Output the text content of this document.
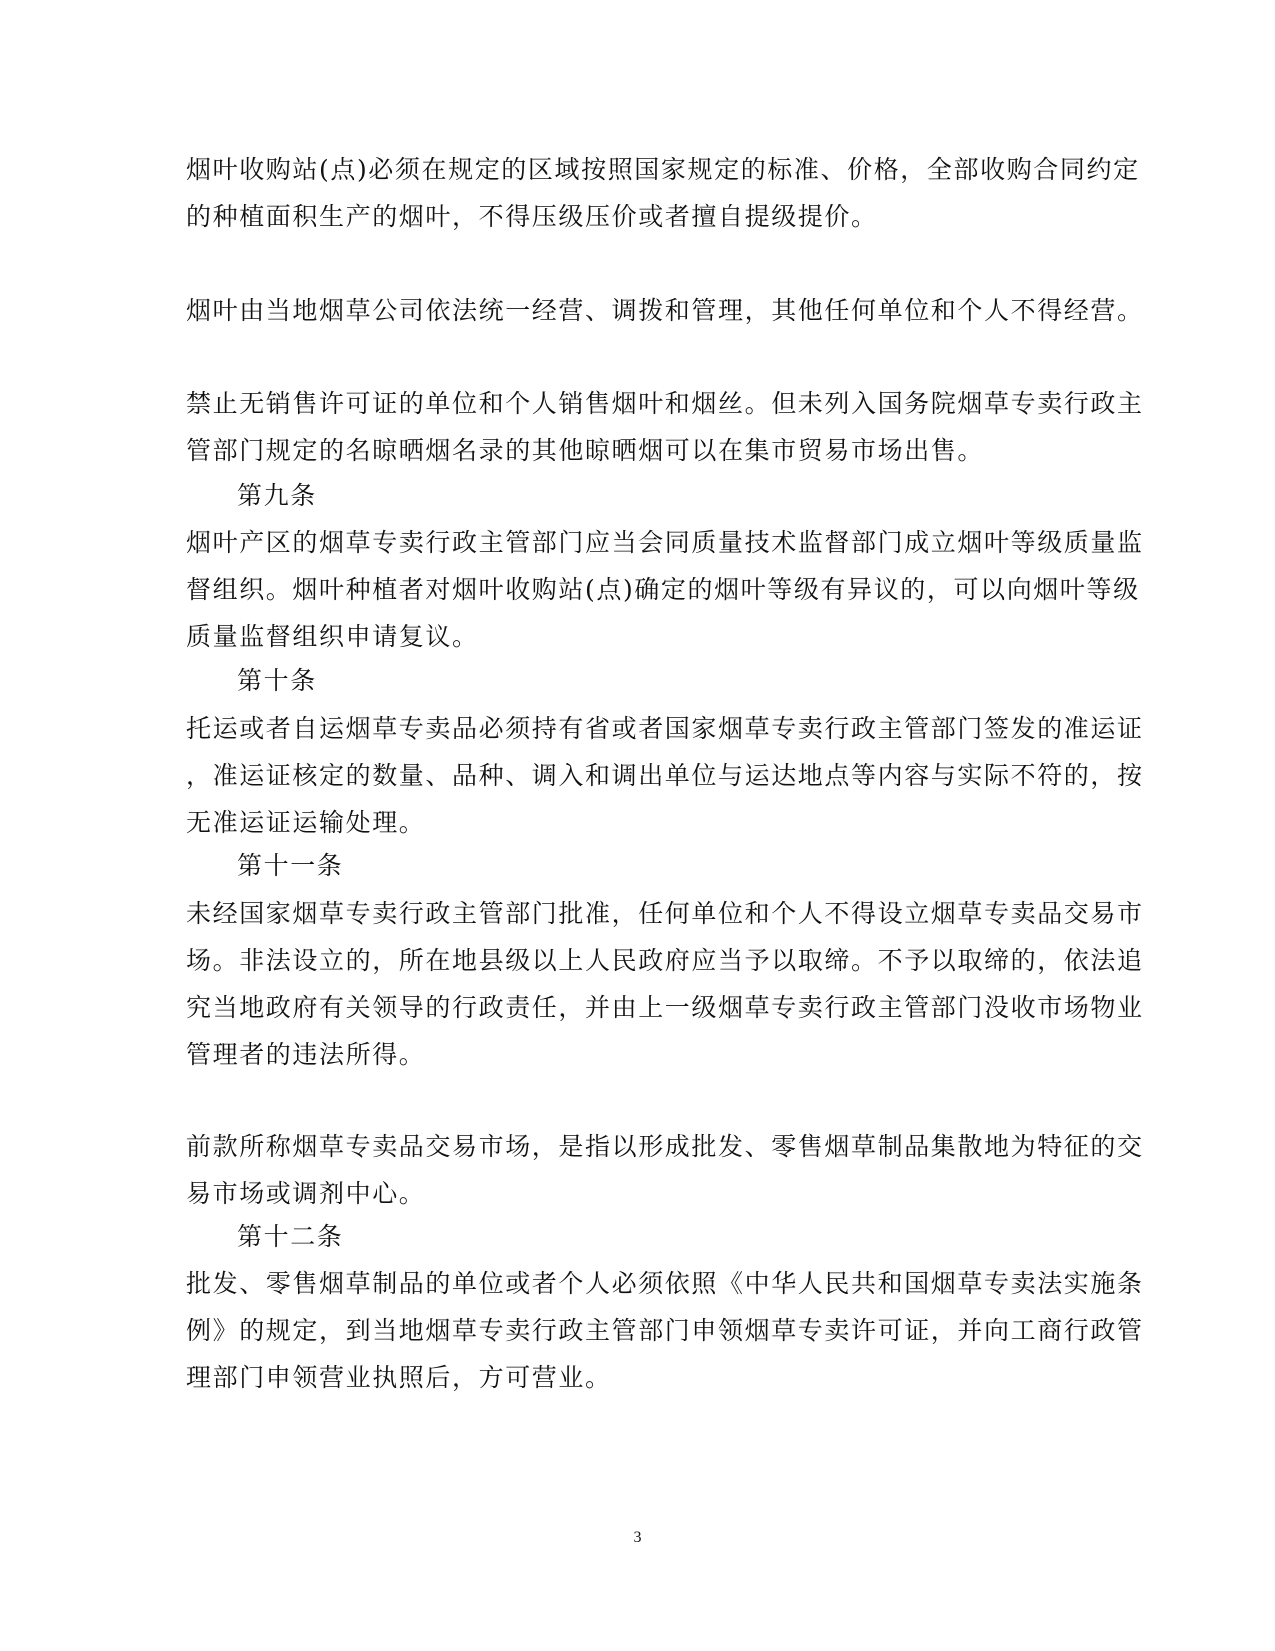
烟叶收购站(点)必须在规定的区域按照国家规定的标准、价格，全部收购合同约定
的种植面积生产的烟叶，不得压级压价或者擅自提级提价。
烟叶由当地烟草公司依法统一经营、调拨和管理，其他任何单位和个人不得经营。
禁止无销售许可证的单位和个人销售烟叶和烟丝。但未列入国务院烟草专卖行政主
管部门规定的名晾晒烟名录的其他晾晒烟可以在集市贸易市场出售。
第九条
烟叶产区的烟草专卖行政主管部门应当会同质量技术监督部门成立烟叶等级质量监
督组织。烟叶种植者对烟叶收购站(点)确定的烟叶等级有异议的，可以向烟叶等级
质量监督组织申请复议。
第十条
托运或者自运烟草专卖品必须持有省或者国家烟草专卖行政主管部门签发的准运证
，准运证核定的数量、品种、调入和调出单位与运达地点等内容与实际不符的，按
无准运证运输处理。
第十一条
未经国家烟草专卖行政主管部门批准，任何单位和个人不得设立烟草专卖品交易市
场。非法设立的，所在地县级以上人民政府应当予以取缔。不予以取缔的，依法追
究当地政府有关领导的行政责任，并由上一级烟草专卖行政主管部门没收市场物业
管理者的违法所得。
前款所称烟草专卖品交易市场，是指以形成批发、零售烟草制品集散地为特征的交
易市场或调剂中心。
第十二条
批发、零售烟草制品的单位或者个人必须依照《中华人民共和国烟草专卖法实施条
例》的规定，到当地烟草专卖行政主管部门申领烟草专卖许可证，并向工商行政管
理部门申领营业执照后，方可营业。
3
